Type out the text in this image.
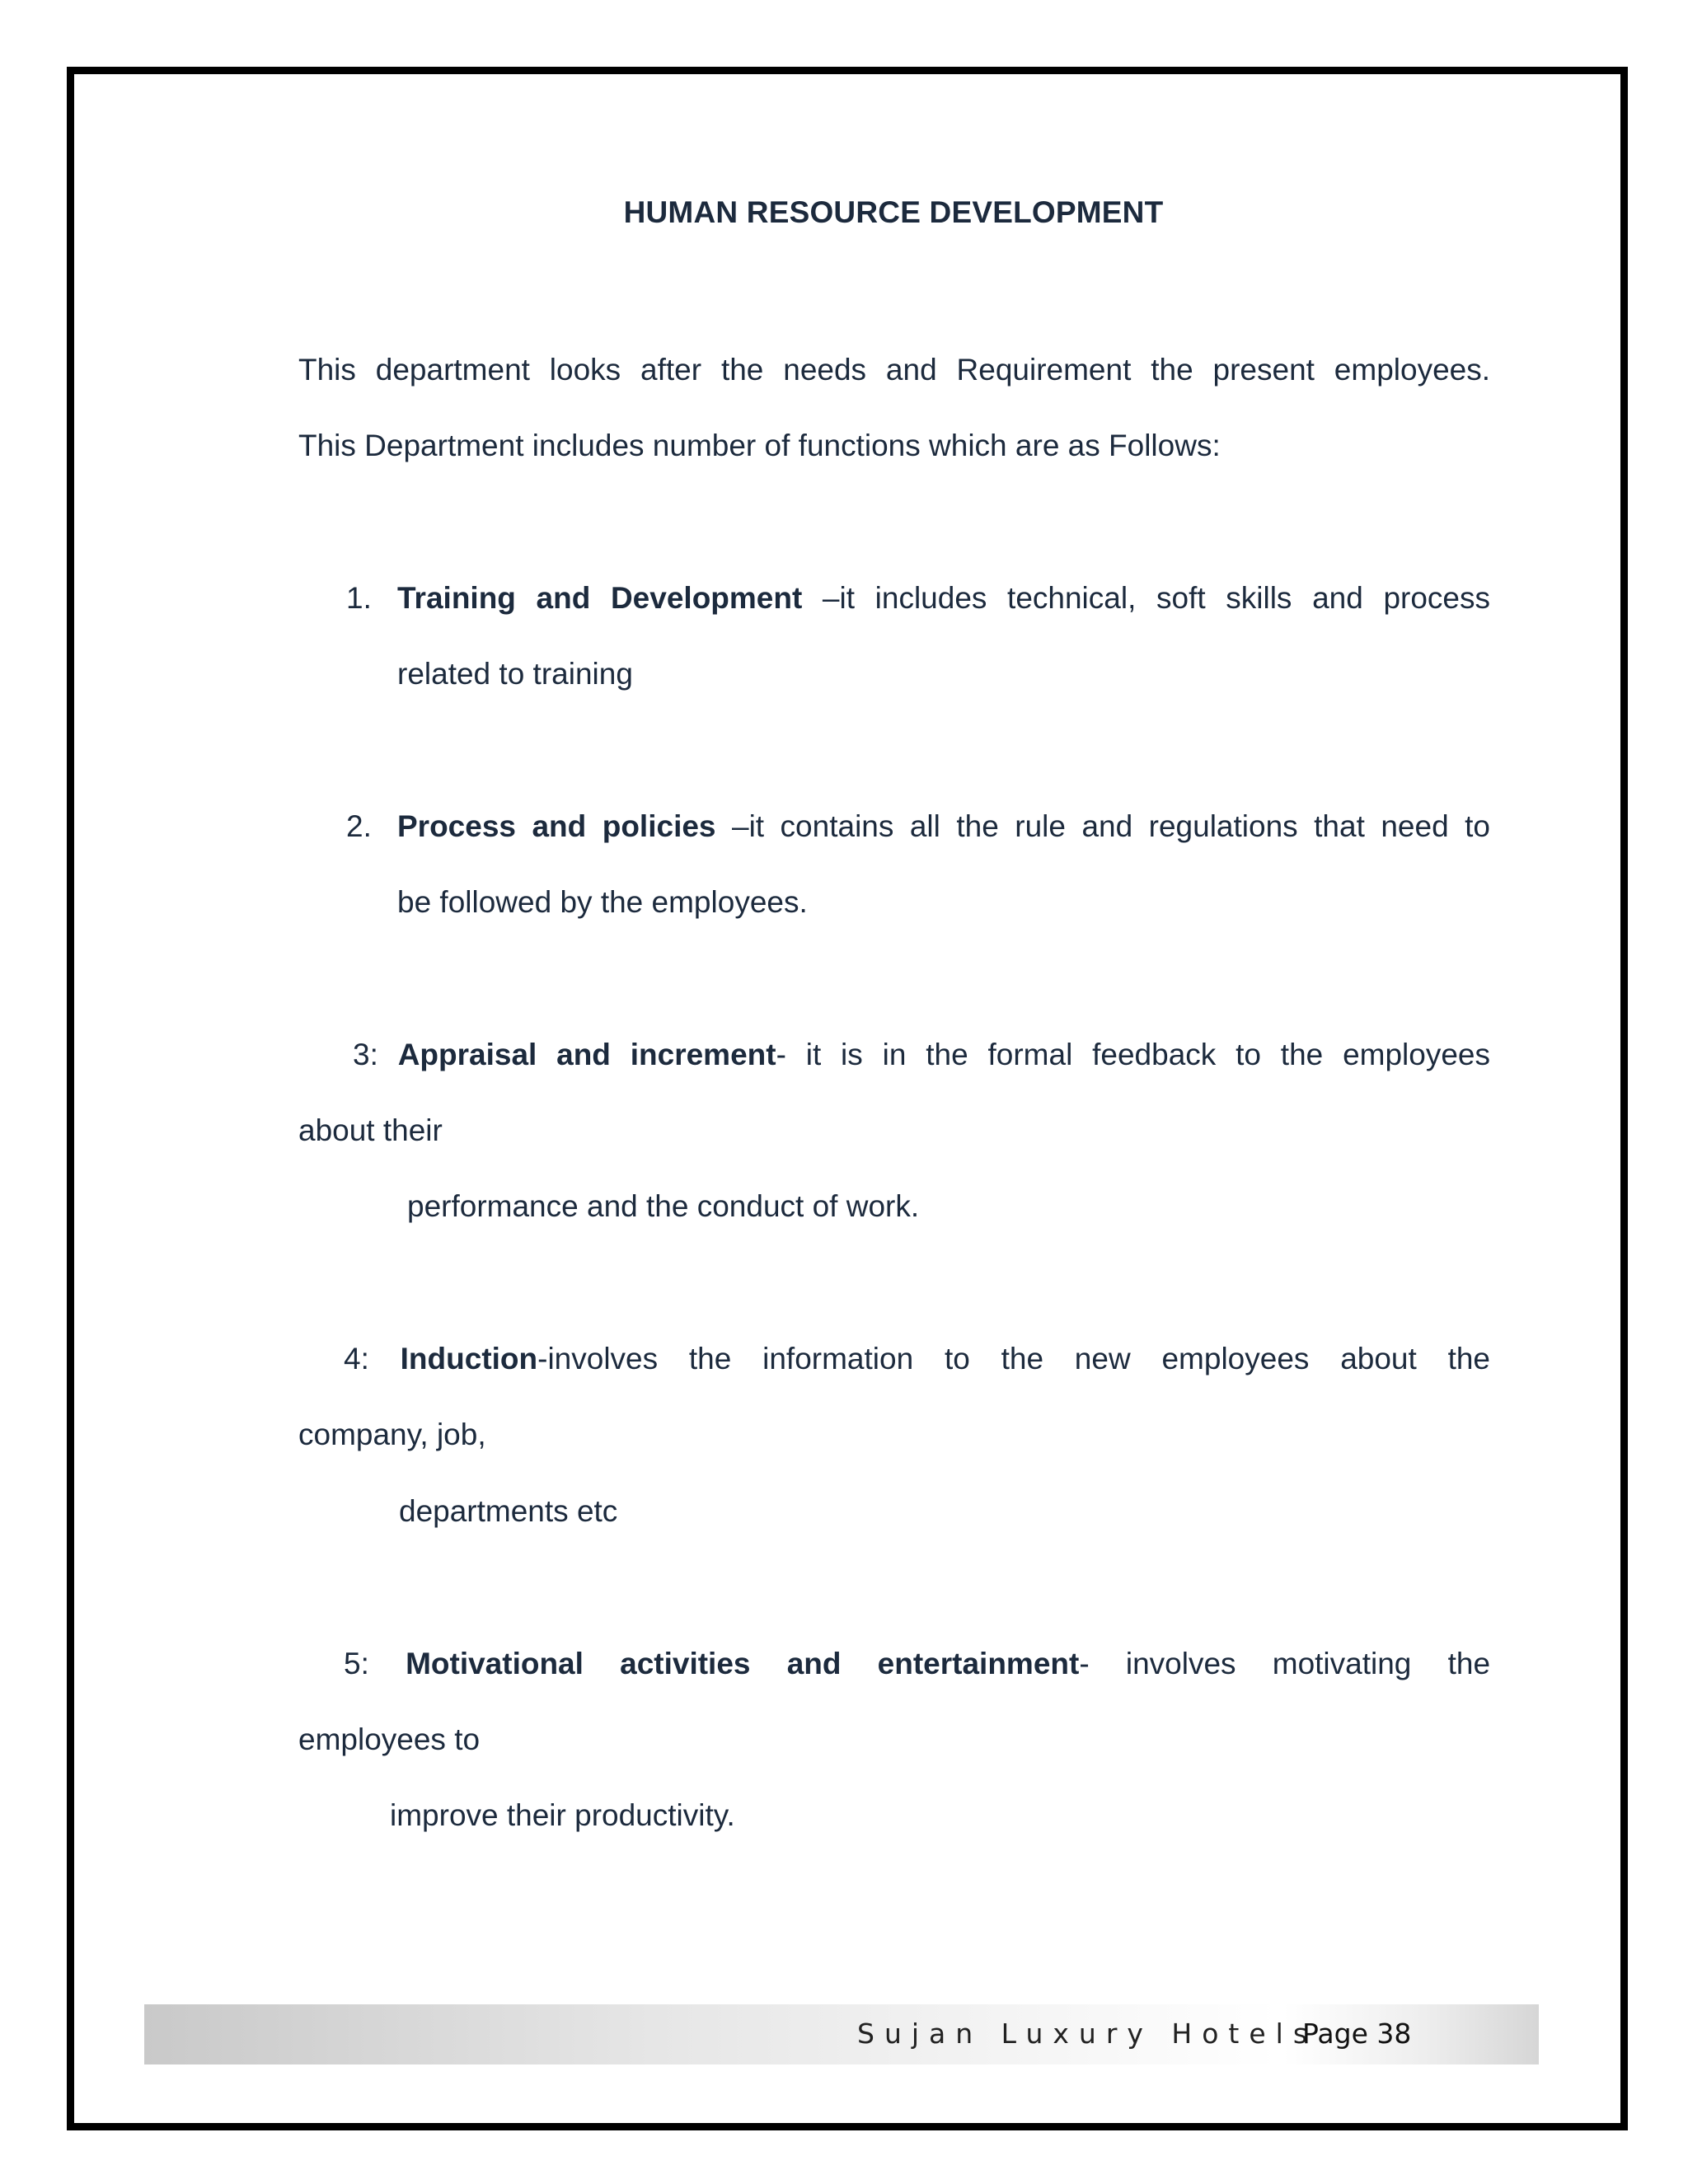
HUMAN RESOURCE DEVELOPMENT

This department looks after the needs and Requirement the present employees.

This Department includes number of functions which are as Follows:

1. Training and Development –it includes technical, soft skills and process
related to training
2. Process and policies –it contains all the rule and regulations that need to
be followed by the employees.
3: Appraisal and increment- it is in the formal feedback to the employees
about their
performance and the conduct of work.
4: Induction-involves the information to the new employees about the
company, job,
departments etc
5: Motivational activities and entertainment- involves motivating the
employees to
improve their productivity.
Sujan Luxury Hotels
Page 38
